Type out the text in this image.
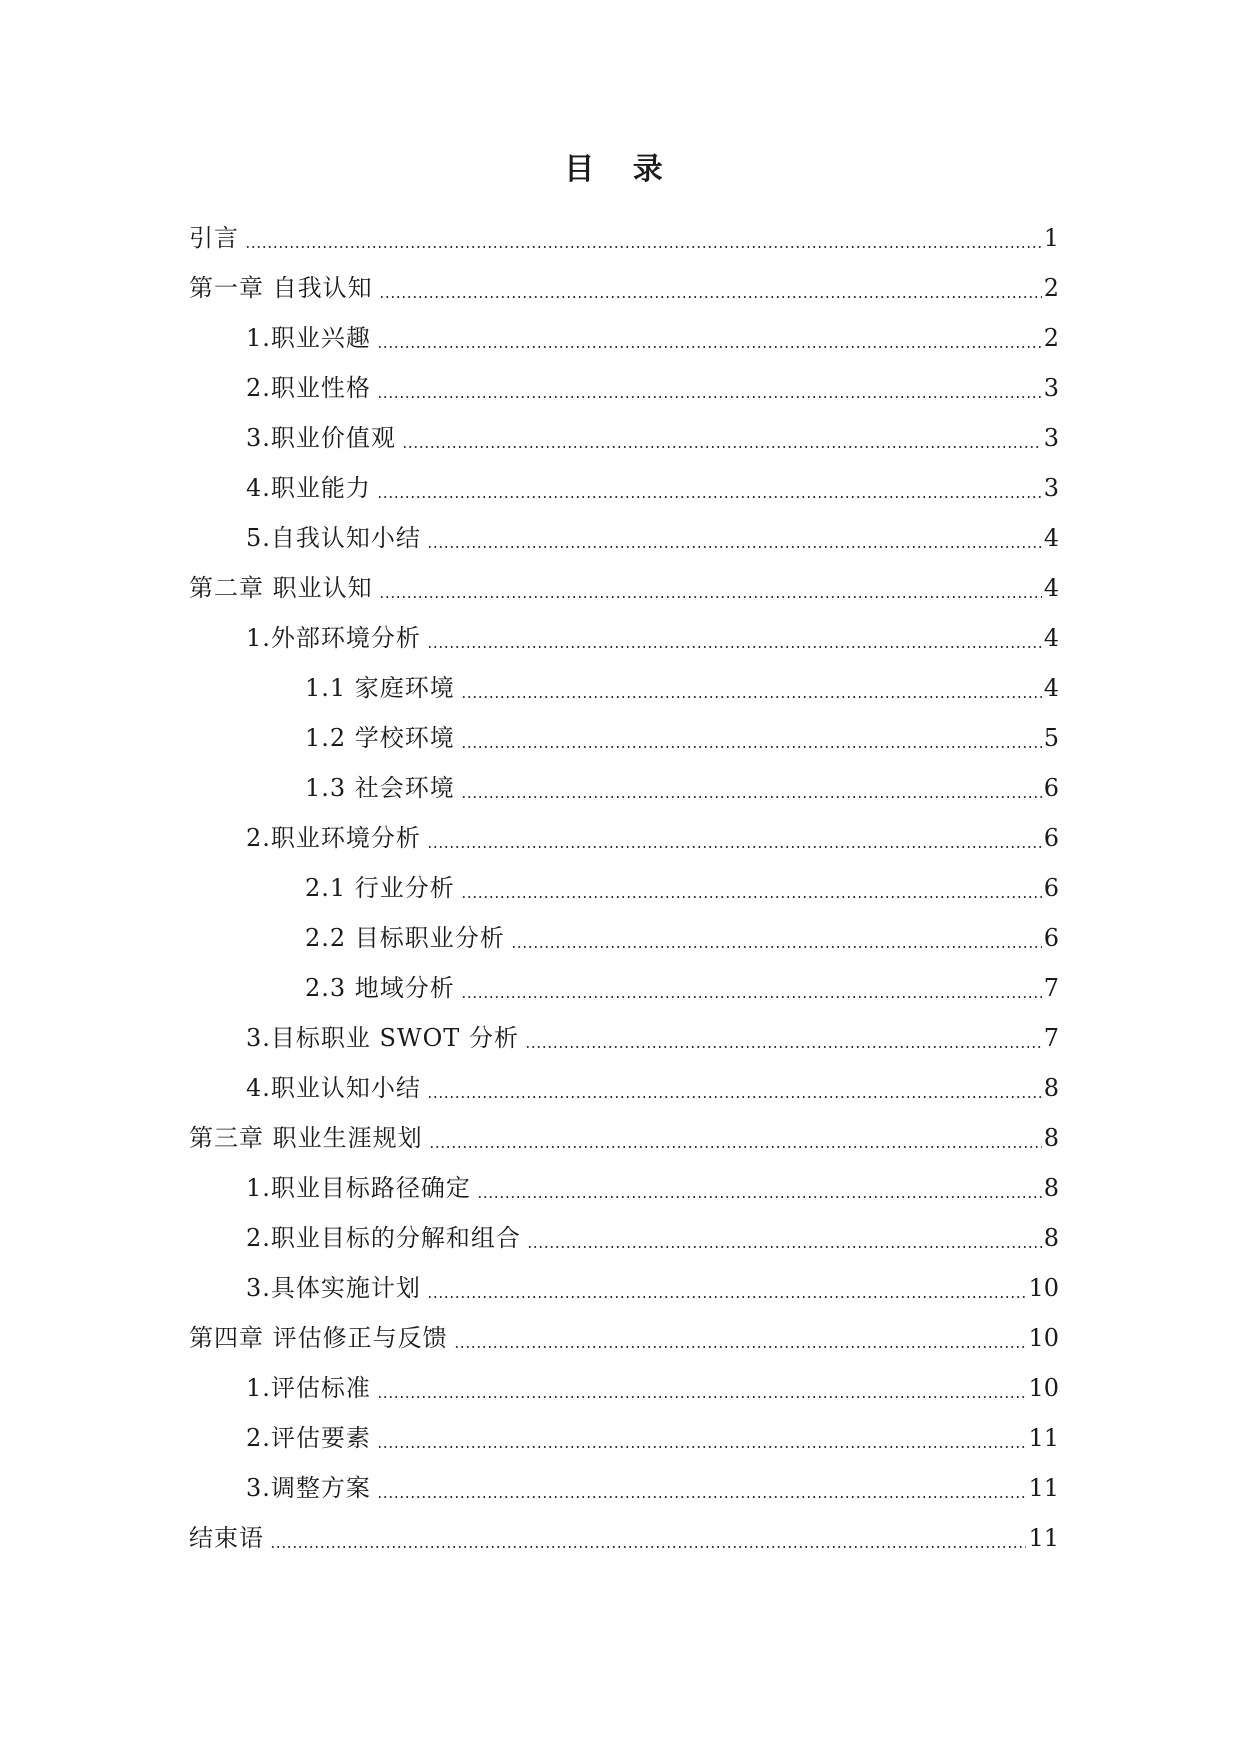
目 录
引言	1
第一章 自我认知	2
1.职业兴趣	2
2.职业性格	3
3.职业价值观	3
4.职业能力	3
5.自我认知小结	4
第二章 职业认知	4
1.外部环境分析	4
1.1 家庭环境	4
1.2 学校环境	5
1.3 社会环境	6
2.职业环境分析	6
2.1 行业分析	6
2.2 目标职业分析	6
2.3 地域分析	7
3.目标职业 SWOT 分析	7
4.职业认知小结	8
第三章 职业生涯规划	8
1.职业目标路径确定	8
2.职业目标的分解和组合	8
3.具体实施计划	10
第四章 评估修正与反馈	10
1.评估标准	10
2.评估要素	11
3.调整方案	11
结束语	11
